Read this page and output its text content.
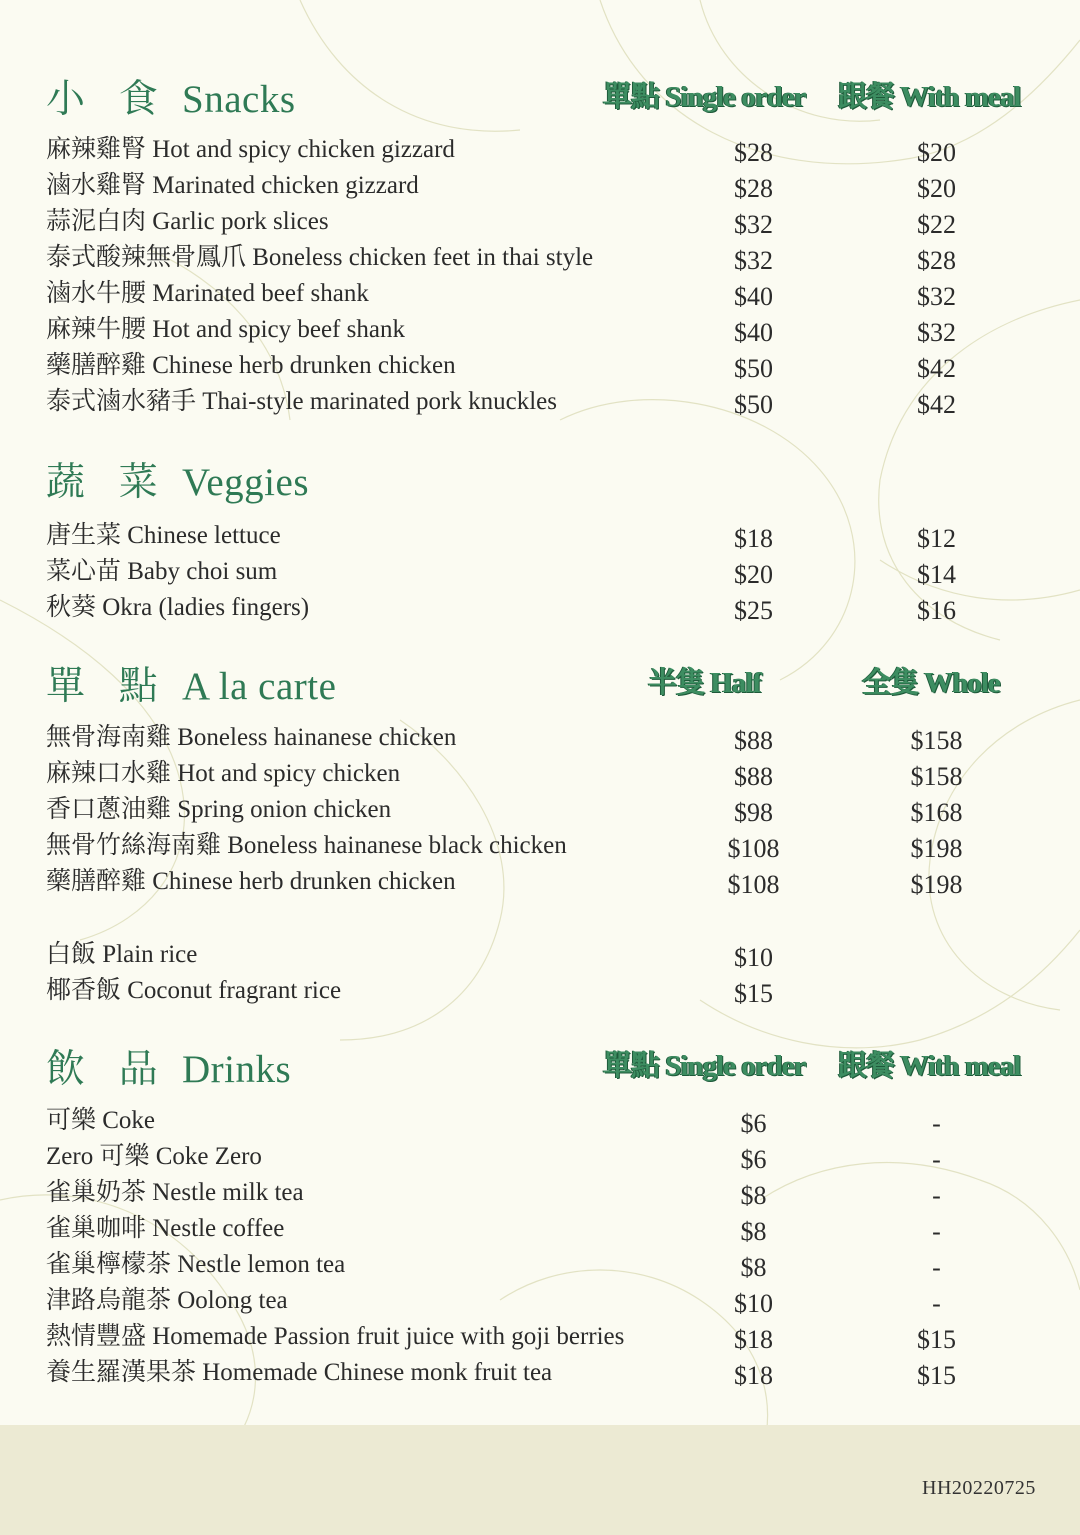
小 食 Snacks	單點 Single order 跟餐 With meal
麻辣雞腎 Hot and spicy chicken gizzard	$28	$20
滷水雞腎 Marinated chicken gizzard	$28	$20
蒜泥白肉 Garlic pork slices	$32	$22
泰式酸辣無骨鳳爪 Boneless chicken feet in thai style	$32	$28
滷水牛腰 Marinated beef shank	$40	$32
麻辣牛腰 Hot and spicy beef shank	$40	$32
藥膳醉雞 Chinese herb drunken chicken	$50	$42
泰式滷水豬手 Thai-style marinated pork knuckles	$50	$42
蔬 菜 Veggies
唐生菜 Chinese lettuce	$18	$12
菜心苗 Baby choi sum	$20	$14
秋葵 Okra (ladies fingers)	$25	$16
單 點 A la carte	半隻 Half	全隻 Whole
無骨海南雞 Boneless hainanese chicken	$88	$158
麻辣口水雞 Hot and spicy chicken	$88	$158
香口蔥油雞 Spring onion chicken	$98	$168
無骨竹絲海南雞 Boneless hainanese black chicken	$108	$198
藥膳醉雞 Chinese herb drunken chicken	$108	$198
白飯 Plain rice	$10
椰香飯 Coconut fragrant rice	$15
飲 品 Drinks	單點 Single order 跟餐 With meal
可樂 Coke	$6	-
Zero 可樂 Coke Zero	$6	-
雀巢奶茶 Nestle milk tea	$8	-
雀巢咖啡 Nestle coffee	$8	-
雀巢檸檬茶 Nestle lemon tea	$8	-
津路烏龍茶 Oolong tea	$10	-
熱情豐盛 Homemade Passion fruit juice with goji berries	$18	$15
養生羅漢果茶 Homemade Chinese monk fruit tea	$18	$15
HH20220725
